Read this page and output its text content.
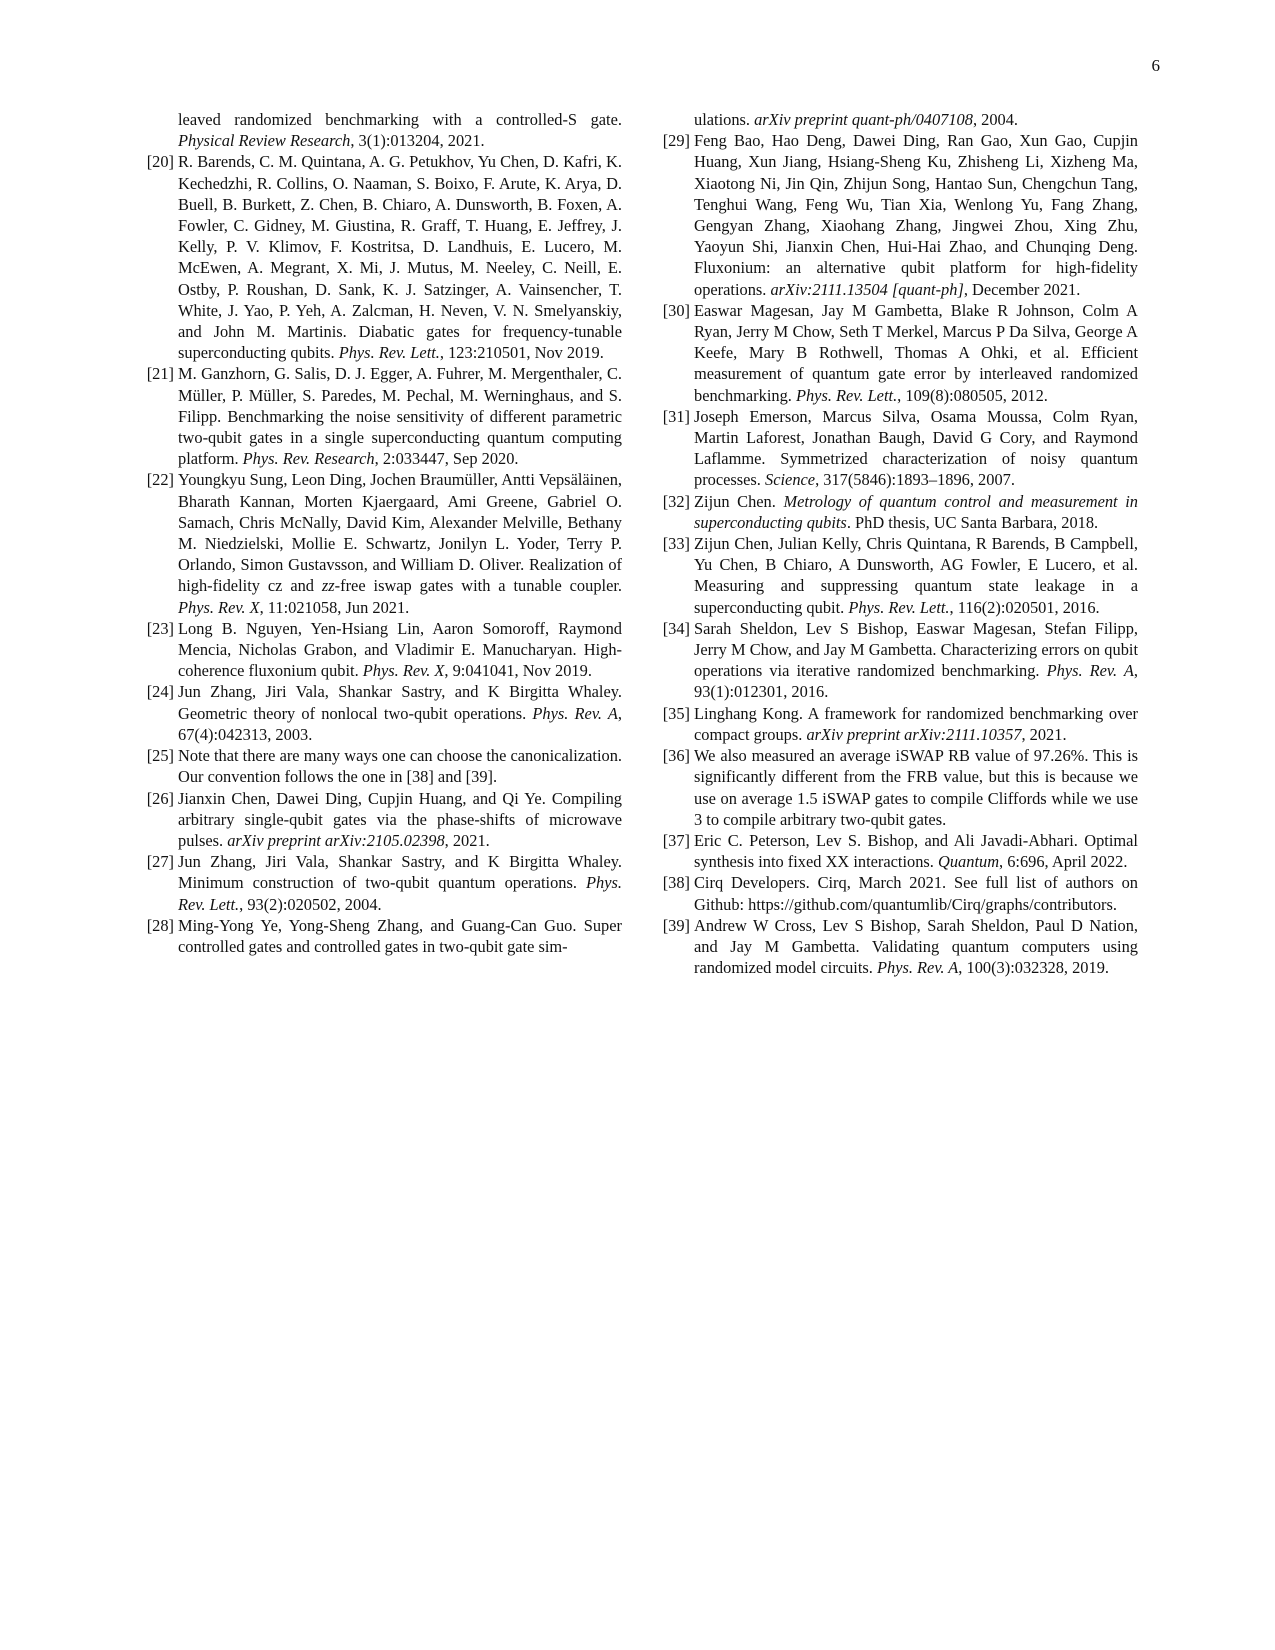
6
leaved randomized benchmarking with a controlled-S gate. Physical Review Research, 3(1):013204, 2021.
[20] R. Barends, C. M. Quintana, A. G. Petukhov, Yu Chen, D. Kafri, K. Kechedzhi, R. Collins, O. Naaman, S. Boixo, F. Arute, K. Arya, D. Buell, B. Burkett, Z. Chen, B. Chiaro, A. Dunsworth, B. Foxen, A. Fowler, C. Gidney, M. Giustina, R. Graff, T. Huang, E. Jeffrey, J. Kelly, P. V. Klimov, F. Kostritsa, D. Landhuis, E. Lucero, M. McEwen, A. Megrant, X. Mi, J. Mutus, M. Neeley, C. Neill, E. Ostby, P. Roushan, D. Sank, K. J. Satzinger, A. Vainsencher, T. White, J. Yao, P. Yeh, A. Zalcman, H. Neven, V. N. Smelyanskiy, and John M. Martinis. Diabatic gates for frequency-tunable superconducting qubits. Phys. Rev. Lett., 123:210501, Nov 2019.
[21] M. Ganzhorn, G. Salis, D. J. Egger, A. Fuhrer, M. Mergenthaler, C. Müller, P. Müller, S. Paredes, M. Pechal, M. Werninghaus, and S. Filipp. Benchmarking the noise sensitivity of different parametric two-qubit gates in a single superconducting quantum computing platform. Phys. Rev. Research, 2:033447, Sep 2020.
[22] Youngkyu Sung, Leon Ding, Jochen Braumüller, Antti Vepsäläinen, Bharath Kannan, Morten Kjaergaard, Ami Greene, Gabriel O. Samach, Chris McNally, David Kim, Alexander Melville, Bethany M. Niedzielski, Mollie E. Schwartz, Jonilyn L. Yoder, Terry P. Orlando, Simon Gustavsson, and William D. Oliver. Realization of high-fidelity cz and zz-free iswap gates with a tunable coupler. Phys. Rev. X, 11:021058, Jun 2021.
[23] Long B. Nguyen, Yen-Hsiang Lin, Aaron Somoroff, Raymond Mencia, Nicholas Grabon, and Vladimir E. Manucharyan. High-coherence fluxonium qubit. Phys. Rev. X, 9:041041, Nov 2019.
[24] Jun Zhang, Jiri Vala, Shankar Sastry, and K Birgitta Whaley. Geometric theory of nonlocal two-qubit operations. Phys. Rev. A, 67(4):042313, 2003.
[25] Note that there are many ways one can choose the canonicalization. Our convention follows the one in [38] and [39].
[26] Jianxin Chen, Dawei Ding, Cupjin Huang, and Qi Ye. Compiling arbitrary single-qubit gates via the phase-shifts of microwave pulses. arXiv preprint arXiv:2105.02398, 2021.
[27] Jun Zhang, Jiri Vala, Shankar Sastry, and K Birgitta Whaley. Minimum construction of two-qubit quantum operations. Phys. Rev. Lett., 93(2):020502, 2004.
[28] Ming-Yong Ye, Yong-Sheng Zhang, and Guang-Can Guo. Super controlled gates and controlled gates in two-qubit gate sim-
ulations. arXiv preprint quant-ph/0407108, 2004.
[29] Feng Bao, Hao Deng, Dawei Ding, Ran Gao, Xun Gao, Cupjin Huang, Xun Jiang, Hsiang-Sheng Ku, Zhisheng Li, Xizheng Ma, Xiaotong Ni, Jin Qin, Zhijun Song, Hantao Sun, Chengchun Tang, Tenghui Wang, Feng Wu, Tian Xia, Wenlong Yu, Fang Zhang, Gengyan Zhang, Xiaohang Zhang, Jingwei Zhou, Xing Zhu, Yaoyun Shi, Jianxin Chen, Hui-Hai Zhao, and Chunqing Deng. Fluxonium: an alternative qubit platform for high-fidelity operations. arXiv:2111.13504 [quant-ph], December 2021.
[30] Easwar Magesan, Jay M Gambetta, Blake R Johnson, Colm A Ryan, Jerry M Chow, Seth T Merkel, Marcus P Da Silva, George A Keefe, Mary B Rothwell, Thomas A Ohki, et al. Efficient measurement of quantum gate error by interleaved randomized benchmarking. Phys. Rev. Lett., 109(8):080505, 2012.
[31] Joseph Emerson, Marcus Silva, Osama Moussa, Colm Ryan, Martin Laforest, Jonathan Baugh, David G Cory, and Raymond Laflamme. Symmetrized characterization of noisy quantum processes. Science, 317(5846):1893–1896, 2007.
[32] Zijun Chen. Metrology of quantum control and measurement in superconducting qubits. PhD thesis, UC Santa Barbara, 2018.
[33] Zijun Chen, Julian Kelly, Chris Quintana, R Barends, B Campbell, Yu Chen, B Chiaro, A Dunsworth, AG Fowler, E Lucero, et al. Measuring and suppressing quantum state leakage in a superconducting qubit. Phys. Rev. Lett., 116(2):020501, 2016.
[34] Sarah Sheldon, Lev S Bishop, Easwar Magesan, Stefan Filipp, Jerry M Chow, and Jay M Gambetta. Characterizing errors on qubit operations via iterative randomized benchmarking. Phys. Rev. A, 93(1):012301, 2016.
[35] Linghang Kong. A framework for randomized benchmarking over compact groups. arXiv preprint arXiv:2111.10357, 2021.
[36] We also measured an average iSWAP RB value of 97.26%. This is significantly different from the FRB value, but this is because we use on average 1.5 iSWAP gates to compile Cliffords while we use 3 to compile arbitrary two-qubit gates.
[37] Eric C. Peterson, Lev S. Bishop, and Ali Javadi-Abhari. Optimal synthesis into fixed XX interactions. Quantum, 6:696, April 2022.
[38] Cirq Developers. Cirq, March 2021. See full list of authors on Github: https://github.com/quantumlib/Cirq/graphs/contributors.
[39] Andrew W Cross, Lev S Bishop, Sarah Sheldon, Paul D Nation, and Jay M Gambetta. Validating quantum computers using randomized model circuits. Phys. Rev. A, 100(3):032328, 2019.
